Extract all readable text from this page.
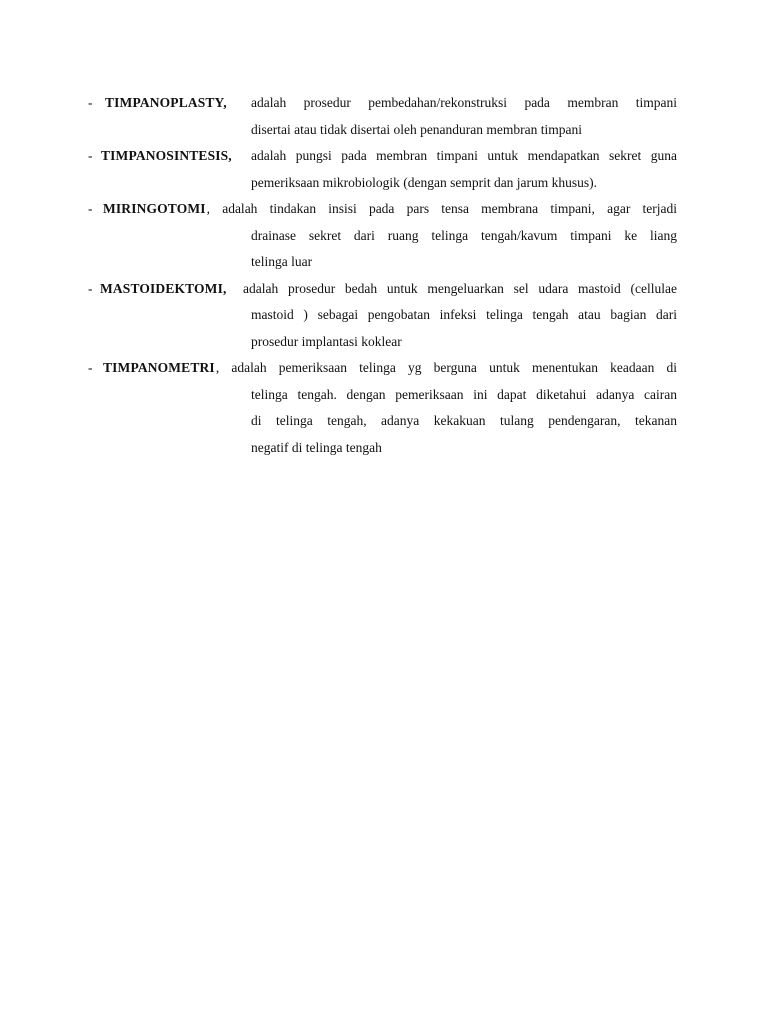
- TIMPANOPLASTY,	adalah prosedur pembedahan/rekonstruksi pada membran timpani
disertai atau tidak disertai oleh penanduran membran timpani
- TIMPANOSINTESIS,	adalah pungsi pada membran timpani untuk mendapatkan sekret guna
pemeriksaan mikrobiologik (dengan semprit dan jarum khusus).
- MIRINGOTOMI , adalah tindakan insisi pada pars tensa membrana timpani, agar terjadi
drainase sekret dari ruang telinga tengah/kavum timpani ke liang
telinga luar
- MASTOIDEKTOMI,	adalah prosedur bedah untuk mengeluarkan sel udara mastoid (cellulae
mastoid ) sebagai pengobatan infeksi telinga tengah atau bagian dari
prosedur implantasi koklear
- TIMPANOMETRI , adalah pemeriksaan telinga yg berguna untuk menentukan keadaan di
telinga tengah. dengan pemeriksaan ini dapat diketahui adanya cairan
di telinga tengah, adanya kekakuan tulang pendengaran, tekanan
negatif di telinga tengah
